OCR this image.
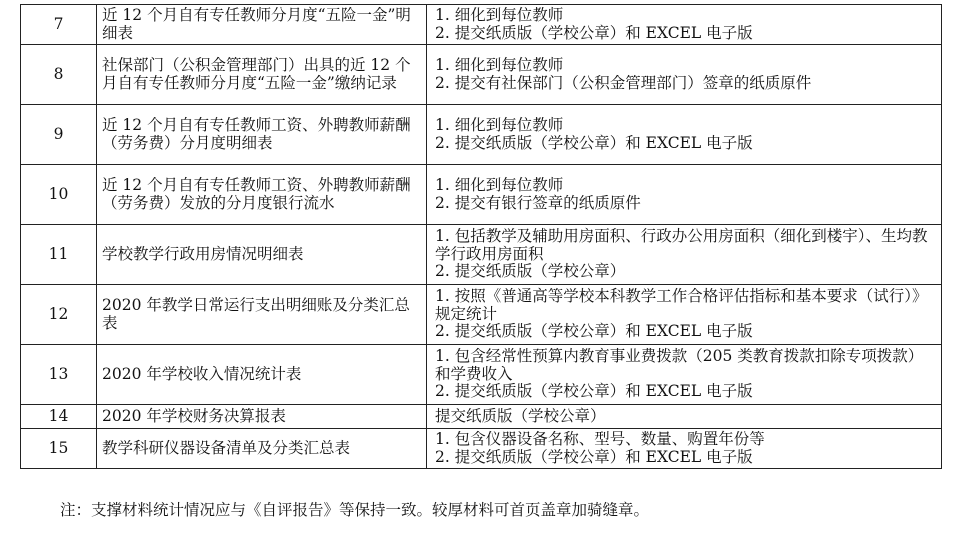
7	近 12 个月自有专任教师分月度“五险一金”明细表	1. 细化到每位教师
2. 提交纸质版（学校公章）和 EXCEL 电子版

8	社保部门（公积金管理部门）出具的近 12 个月自有专任教师分月度“五险一金”缴纳记录	1. 细化到每位教师
2. 提交有社保部门（公积金管理部门）签章的纸质原件

9	近 12 个月自有专任教师工资、外聘教师薪酬（劳务费）分月度明细表	1. 细化到每位教师
2. 提交纸质版（学校公章）和 EXCEL 电子版

10	近 12 个月自有专任教师工资、外聘教师薪酬（劳务费）发放的分月度银行流水	1. 细化到每位教师
2. 提交有银行签章的纸质原件

11	学校教学行政用房情况明细表	1. 包括教学及辅助用房面积、行政办公用房面积（细化到楼宇）、生均教学行政用房面积
2. 提交纸质版（学校公章）

12	2020 年教学日常运行支出明细账及分类汇总表	1. 按照《普通高等学校本科教学工作合格评估指标和基本要求（试行）》规定统计
2. 提交纸质版（学校公章）和 EXCEL 电子版

13	2020 年学校收入情况统计表	1. 包含经常性预算内教育事业费拨款（205 类教育拨款扣除专项拨款）和学费收入
2. 提交纸质版（学校公章）和 EXCEL 电子版

14	2020 年学校财务决算报表	提交纸质版（学校公章）

15	教学科研仪器设备清单及分类汇总表	1. 包含仪器设备名称、型号、数量、购置年份等
2. 提交纸质版（学校公章）和 EXCEL 电子版
注：支撑材料统计情况应与《自评报告》等保持一致。较厚材料可首页盖章加骑缝章。
